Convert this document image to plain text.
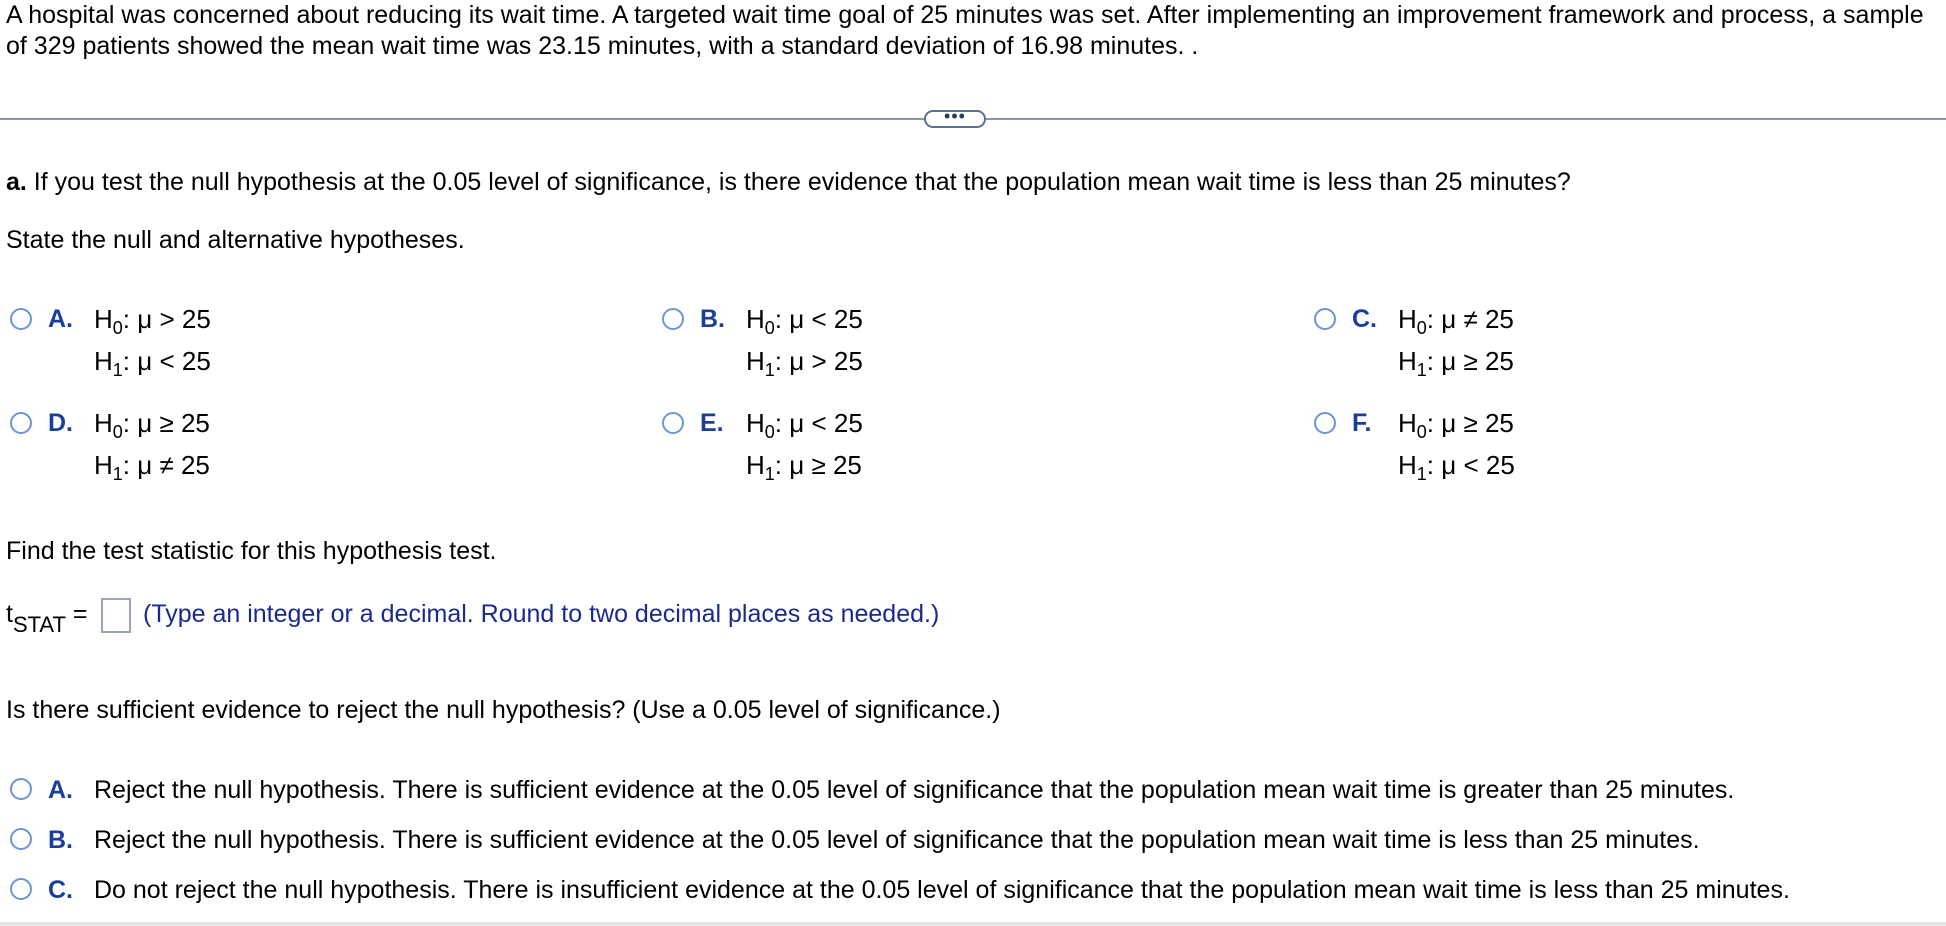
A hospital was concerned about reducing its wait time. A targeted wait time goal of 25 minutes was set. After implementing an improvement framework and process, a sample of 329 patients showed the mean wait time was 23.15 minutes, with a standard deviation of 16.98 minutes. .
•••
a. If you test the null hypothesis at the 0.05 level of significance, is there evidence that the population mean wait time is less than 25 minutes?
State the null and alternative hypotheses.
A. $H_0$: μ > 25
$H_1$: μ < 25
B. $H_0$: μ < 25
$H_1$: μ > 25
C. $H_0$: μ ≠ 25
$H_1$: μ ≥ 25
D. $H_0$: μ ≥ 25
$H_1$: μ ≠ 25
E. $H_0$: μ < 25
$H_1$: μ ≥ 25
F. $H_0$: μ ≥ 25
$H_1$: μ < 25
Find the test statistic for this hypothesis test.
$t_{STAT}$ = (Type an integer or a decimal. Round to two decimal places as needed.)
Is there sufficient evidence to reject the null hypothesis? (Use a 0.05 level of significance.)
A. Reject the null hypothesis. There is sufficient evidence at the 0.05 level of significance that the population mean wait time is greater than 25 minutes.
B. Reject the null hypothesis. There is sufficient evidence at the 0.05 level of significance that the population mean wait time is less than 25 minutes.
C. Do not reject the null hypothesis. There is insufficient evidence at the 0.05 level of significance that the population mean wait time is less than 25 minutes.
